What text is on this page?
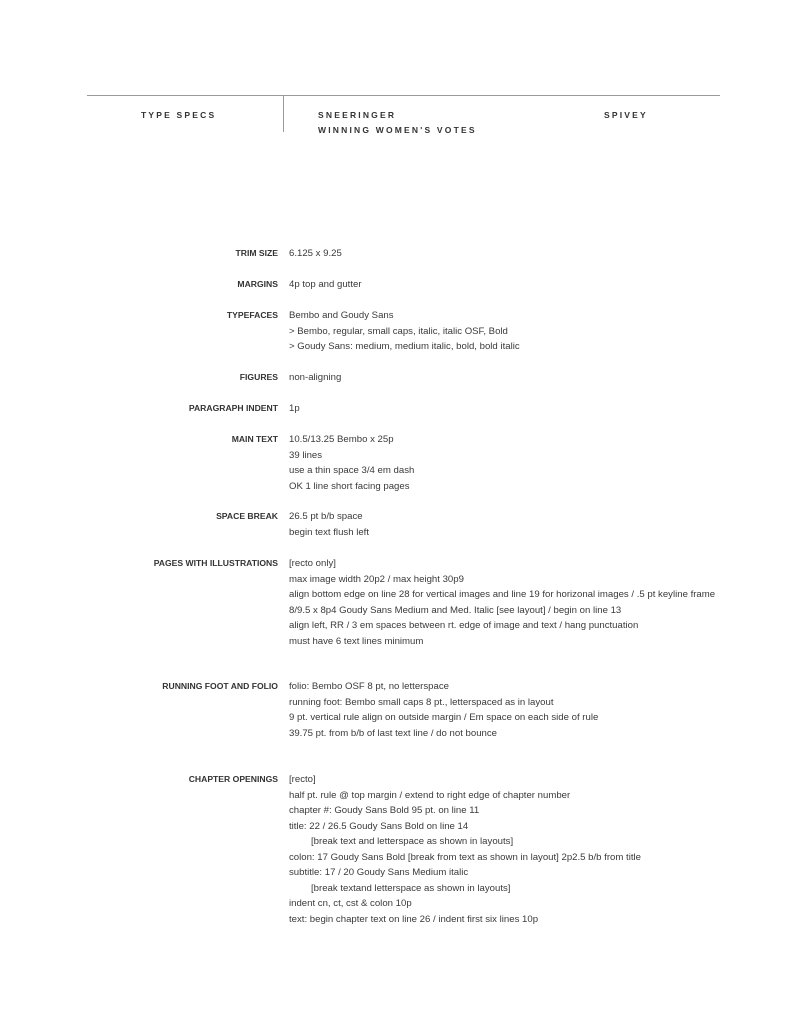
TYPE SPECS	SNEERINGER
WINNING WOMEN'S VOTES
SPIVEY
TRIM SIZE 6.125 x 9.25
MARGINS 4p top and gutter
TYPEFACES Bembo and Goudy Sans
> Bembo, regular, small caps, italic, italic OSF, Bold
> Goudy Sans: medium, medium italic, bold, bold italic
FIGURES non-aligning
PARAGRAPH INDENT 1p
MAIN TEXT 10.5/13.25 Bembo x 25p
39 lines
use a thin space 3/4 em dash
OK 1 line short facing pages
SPACE BREAK 26.5 pt b/b space
begin text flush left
PAGES WITH ILLUSTRATIONS [recto only]
max image width 20p2 / max height 30p9
align bottom edge on line 28 for vertical images and line 19 for horizonal images / .5 pt keyline frame
8/9.5 x 8p4 Goudy Sans Medium and Med. Italic [see layout] / begin on line 13
align left, RR / 3 em spaces between rt. edge of image and text / hang punctuation
must have 6 text lines minimum
RUNNING FOOT AND FOLIO folio: Bembo OSF 8 pt, no letterspace
running foot: Bembo small caps 8 pt., letterspaced as in layout
9 pt. vertical rule align on outside margin / Em space on each side of rule
39.75 pt. from b/b of last text line / do not bounce
CHAPTER OPENINGS [recto]
half pt. rule @ top margin / extend to right edge of chapter number
chapter #: Goudy Sans Bold 95 pt. on line 11
title: 22 / 26.5 Goudy Sans Bold on line 14
[break text and letterspace as shown in layouts]
colon: 17 Goudy Sans Bold [break from text as shown in layout] 2p2.5 b/b from title
subtitle: 17 / 20 Goudy Sans Medium italic
[break textand letterspace as shown in layouts]
indent cn, ct, cst & colon 10p
text: begin chapter text on line 26 / indent first six lines 10p
